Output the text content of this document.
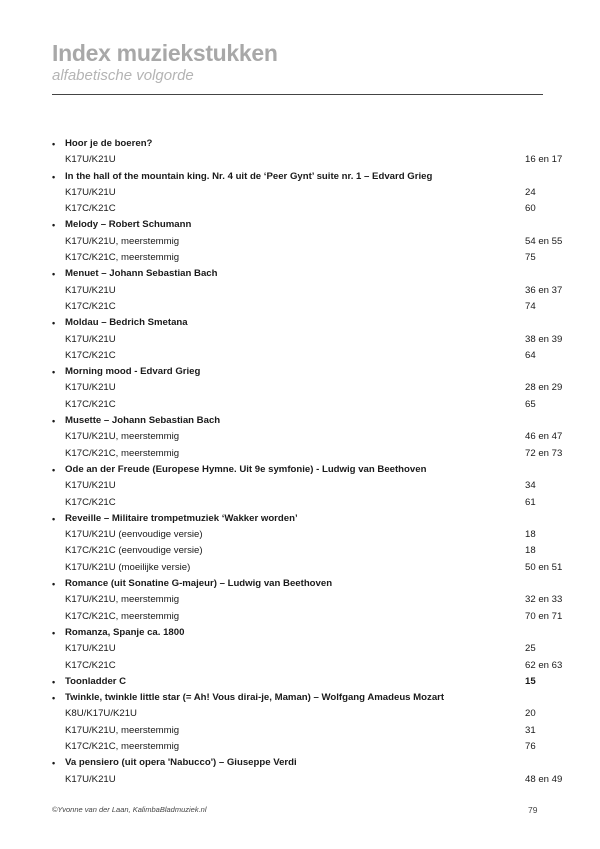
Index muziekstukken
alfabetische volgorde
•	Hoor je de boeren?
K17U/K21U	16 en 17
•	In the hall of the mountain king. Nr. 4 uit de ‘Peer Gynt’ suite nr. 1 – Edvard Grieg
K17U/K21U	24
K17C/K21C	60
•	Melody – Robert Schumann
K17U/K21U, meerstemmig	54 en 55
K17C/K21C, meerstemmig	75
•	Menuet – Johann Sebastian Bach
K17U/K21U	36 en 37
K17C/K21C	74
•	Moldau – Bedrich Smetana
K17U/K21U	38 en 39
K17C/K21C	64
•	Morning mood - Edvard Grieg
K17U/K21U	28 en 29
K17C/K21C	65
•	Musette – Johann Sebastian Bach
K17U/K21U, meerstemmig	46 en 47
K17C/K21C, meerstemmig	72 en 73
•	Ode an der Freude (Europese Hymne. Uit 9e symfonie) - Ludwig van Beethoven
K17U/K21U	34
K17C/K21C	61
•	Reveille – Militaire trompetmuziek ‘Wakker worden’
K17U/K21U (eenvoudige versie)	18
K17C/K21C (eenvoudige versie)	18
K17U/K21U (moeilijke versie)	50 en 51
•	Romance (uit Sonatine G-majeur) – Ludwig van Beethoven
K17U/K21U, meerstemmig	32 en 33
K17C/K21C, meerstemmig	70 en 71
•	Romanza, Spanje ca. 1800
K17U/K21U	25
K17C/K21C	62 en 63
•	Toonladder C	15
•	Twinkle, twinkle little star (= Ah! Vous dirai-je, Maman) – Wolfgang Amadeus Mozart
K8U/K17U/K21U	20
K17U/K21U, meerstemmig	31
K17C/K21C, meerstemmig	76
•	Va pensiero (uit opera 'Nabucco') – Giuseppe Verdi
K17U/K21U	48 en 49
©Yvonne van der Laan, KalimbaBladmuziek.nl	79
